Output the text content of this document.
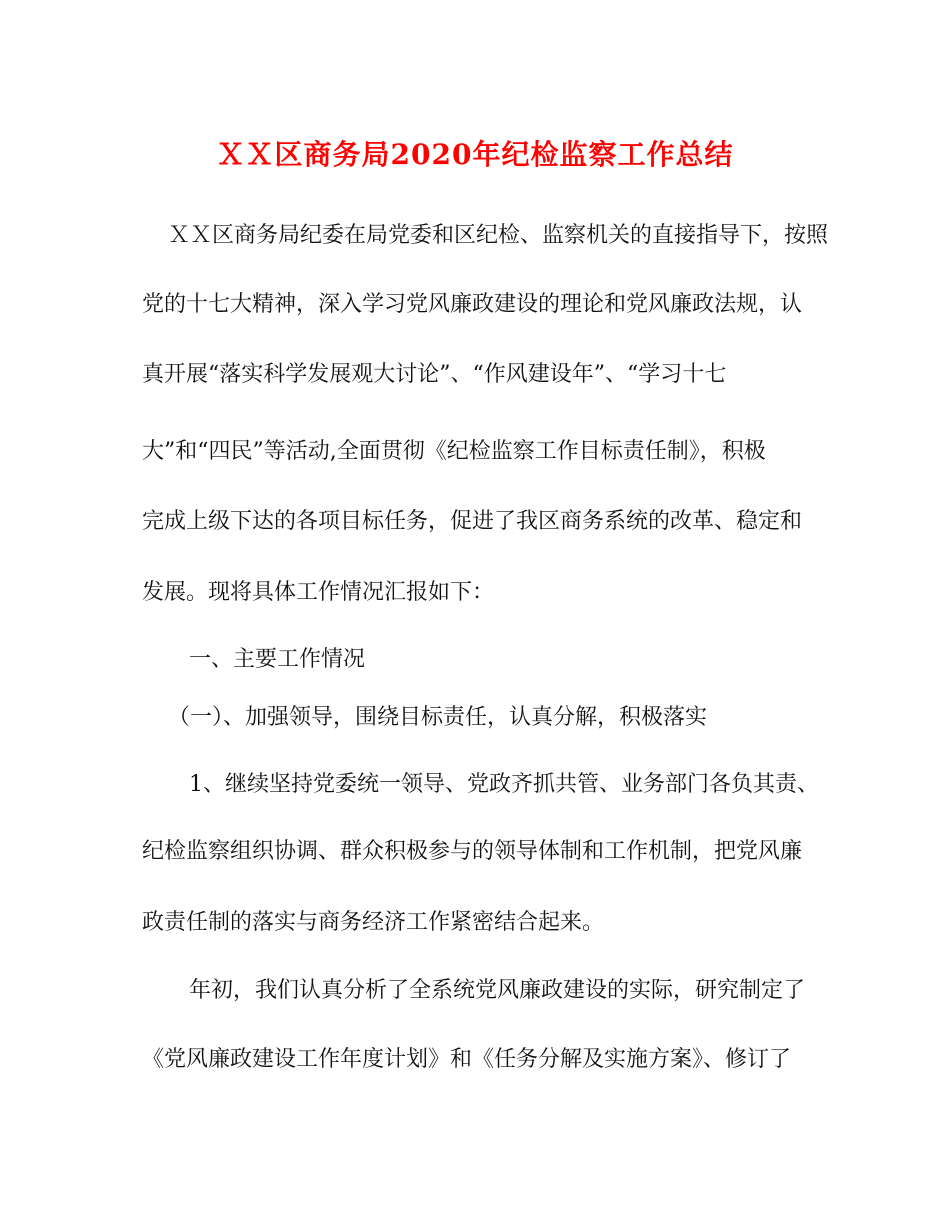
ＸＸ区商务局2020年纪检监察工作总结
ＸＸ区商务局纪委在局党委和区纪检、监察机关的直接指导下，按照
党的十七大精神，深入学习党风廉政建设的理论和党风廉政法规，认
真开展“落实科学发展观大讨论”、“作风建设年”、“学习十七
大”和“四民”等活动,全面贯彻《纪检监察工作目标责任制》，积极
完成上级下达的各项目标任务，促进了我区商务系统的改革、稳定和
发展。现将具体工作情况汇报如下：
一、主要工作情况
（一）、加强领导，围绕目标责任，认真分解，积极落实
1、继续坚持党委统一领导、党政齐抓共管、业务部门各负其责、
纪检监察组织协调、群众积极参与的领导体制和工作机制，把党风廉
政责任制的落实与商务经济工作紧密结合起来。
年初，我们认真分析了全系统党风廉政建设的实际，研究制定了
《党风廉政建设工作年度计划》和《任务分解及实施方案》、修订了
